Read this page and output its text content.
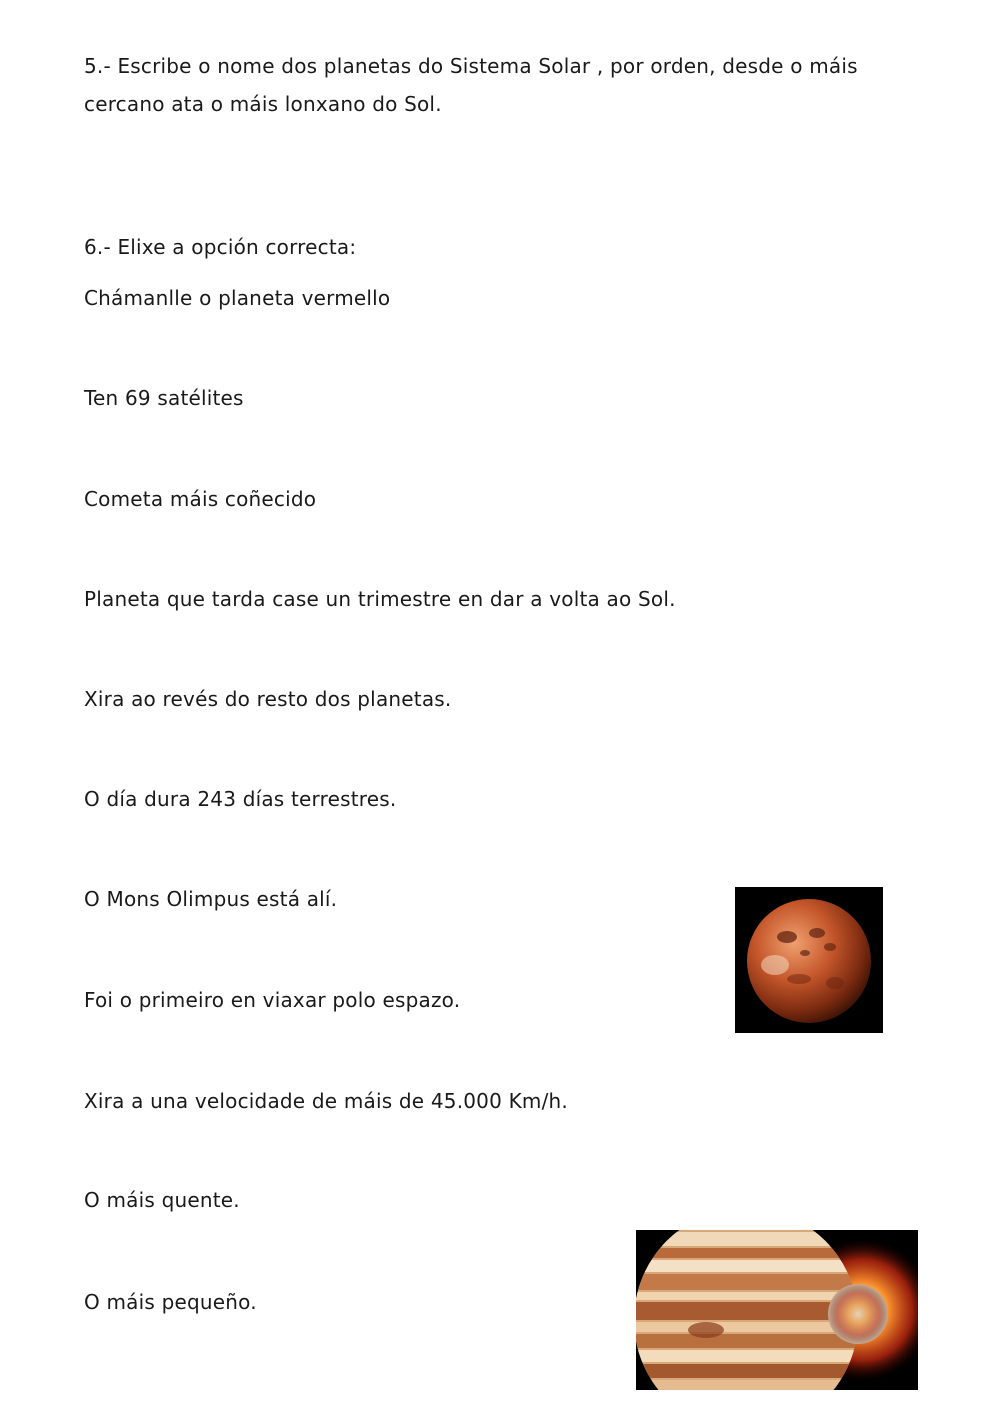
5.- Escribe o nome dos planetas do Sistema Solar , por orden, desde o máis cercano ata o máis lonxano do Sol.
6.- Elixe a opción correcta:
Chámanlle o planeta vermello
Ten 69 satélites
Cometa máis coñecido
Planeta que tarda case un trimestre en dar a volta ao Sol.
Xira ao revés do resto dos planetas.
O día dura 243 días terrestres.
O Mons Olimpus está alí.
Foi o primeiro en viaxar polo espazo.
Xira a una velocidade de máis de 45.000 Km/h.
O máis quente.
O máis pequeño.
